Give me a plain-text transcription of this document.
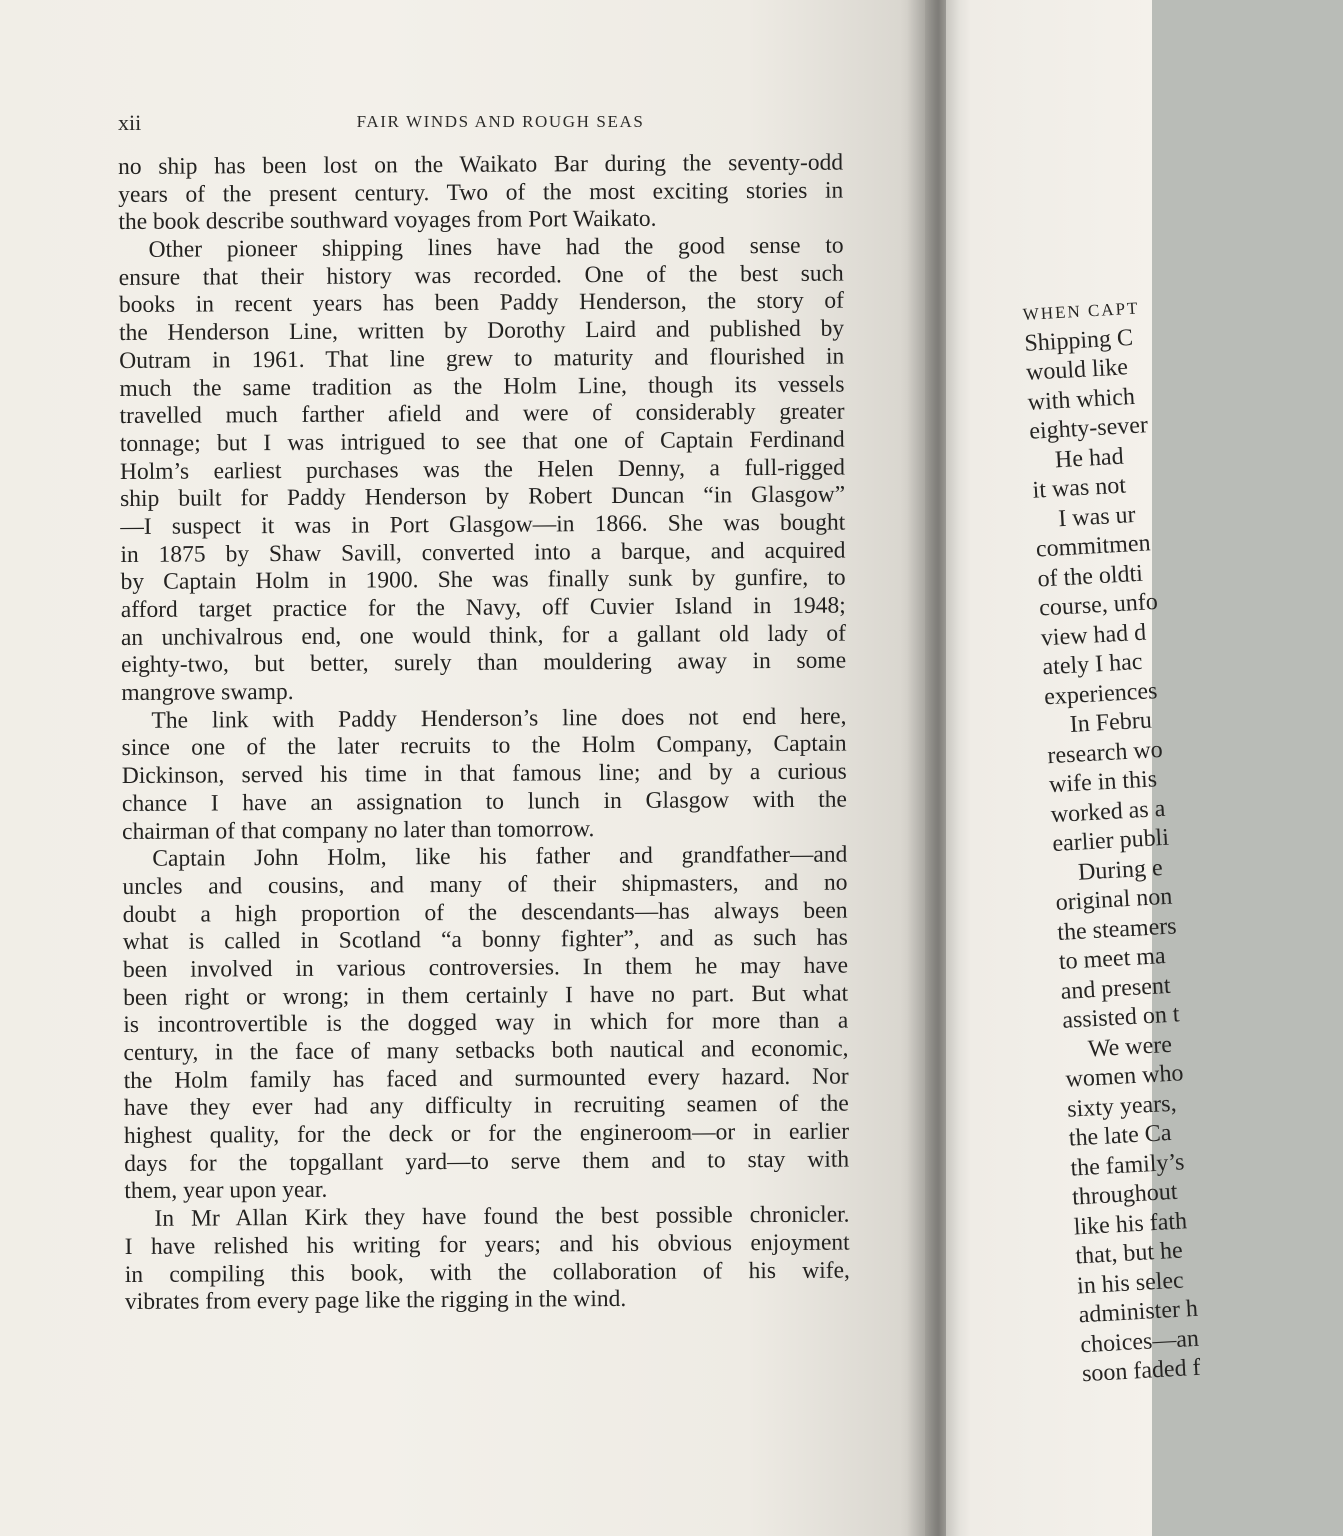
xii	FAIR WINDS AND ROUGH SEAS
no ship has been lost on the Waikato Bar during the seventy-odd
years of the present century. Two of the most exciting stories in
the book describe southward voyages from Port Waikato.
Other pioneer shipping lines have had the good sense to
ensure that their history was recorded. One of the best such
books in recent years has been Paddy Henderson, the story of
the Henderson Line, written by Dorothy Laird and published by
Outram in 1961. That line grew to maturity and flourished in
much the same tradition as the Holm Line, though its vessels
travelled much farther afield and were of considerably greater
tonnage; but I was intrigued to see that one of Captain Ferdinand
Holm’s earliest purchases was the Helen Denny, a full-rigged
ship built for Paddy Henderson by Robert Duncan “in Glasgow”
—I suspect it was in Port Glasgow—in 1866. She was bought
in 1875 by Shaw Savill, converted into a barque, and acquired
by Captain Holm in 1900. She was finally sunk by gunfire, to
afford target practice for the Navy, off Cuvier Island in 1948;
an unchivalrous end, one would think, for a gallant old lady of
eighty-two, but better, surely than mouldering away in some
mangrove swamp.
The link with Paddy Henderson’s line does not end here,
since one of the later recruits to the Holm Company, Captain
Dickinson, served his time in that famous line; and by a curious
chance I have an assignation to lunch in Glasgow with the
chairman of that company no later than tomorrow.
Captain John Holm, like his father and grandfather—and
uncles and cousins, and many of their shipmasters, and no
doubt a high proportion of the descendants—has always been
what is called in Scotland “a bonny fighter”, and as such has
been involved in various controversies. In them he may have
been right or wrong; in them certainly I have no part. But what
is incontrovertible is the dogged way in which for more than a
century, in the face of many setbacks both nautical and economic,
the Holm family has faced and surmounted every hazard. Nor
have they ever had any difficulty in recruiting seamen of the
highest quality, for the deck or for the engineroom—or in earlier
days for the topgallant yard—to serve them and to stay with
them, year upon year.
In Mr Allan Kirk they have found the best possible chronicler.
I have relished his writing for years; and his obvious enjoyment
in compiling this book, with the collaboration of his wife,
vibrates from every page like the rigging in the wind.
WHEN CAPT
Shipping C
would like
with which
eighty-sever
He had
it was not
I was ur
commitmen
of the oldti
course, unfo
view had d
ately I hac
experiences
In Febru
research wo
wife in this
worked as a
earlier publi
During e
original non
the steamers
to meet ma
and present
assisted on t
We were
women who
sixty years,
the late Ca
the family’s
throughout
like his fath
that, but he
in his selec
administer h
choices—an
soon faded f
